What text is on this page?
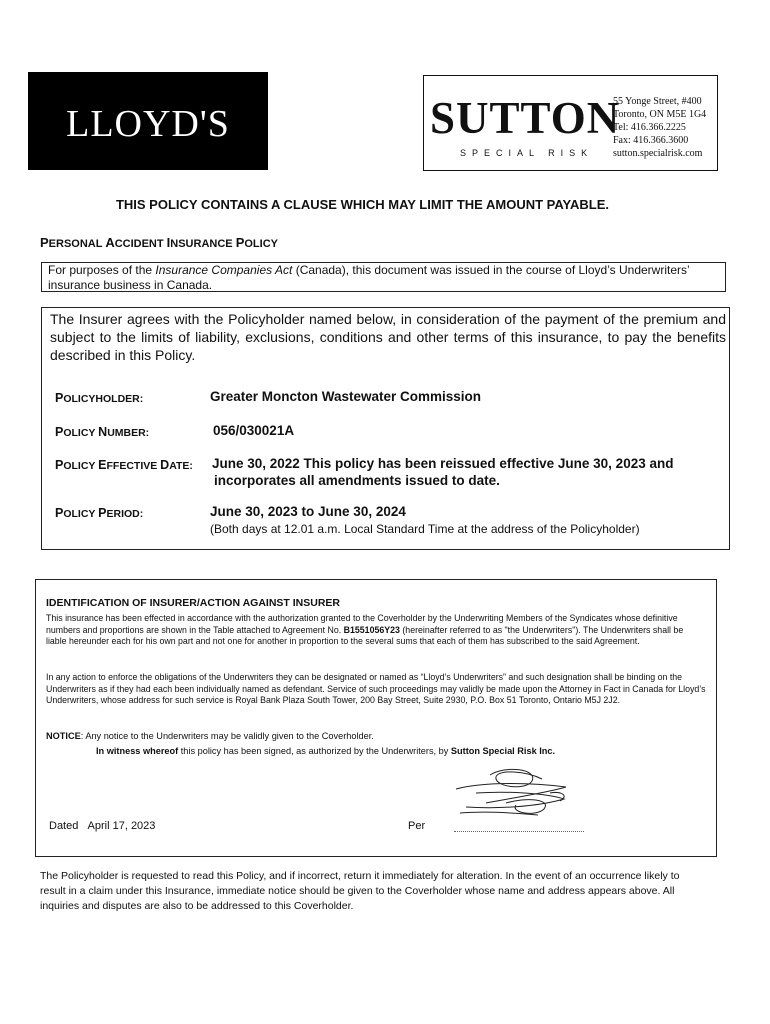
LLOYD'S	SUTTON
SPECIAL RISK
55 Yonge Street, #400
Toronto, ON M5E 1G4
Tel: 416.366.2225
Fax: 416.366.3600
sutton.specialrisk.com
THIS POLICY CONTAINS A CLAUSE WHICH MAY LIMIT THE AMOUNT PAYABLE.
PERSONAL ACCIDENT INSURANCE POLICY
For purposes of the Insurance Companies Act (Canada), this document was issued in the course of Lloyd’s Underwriters’ insurance business in Canada.
The Insurer agrees with the Policyholder named below, in consideration of the payment of the premium and subject to the limits of liability, exclusions, conditions and other terms of this insurance, to pay the benefits described in this Policy.
POLICYHOLDER:	Greater Moncton Wastewater Commission
POLICY NUMBER:	056/030021A
POLICY EFFECTIVE DATE: June 30, 2022 This policy has been reissued effective June 30, 2023 and
incorporates all amendments issued to date.
POLICY PERIOD:	June 30, 2023 to June 30, 2024
(Both days at 12.01 a.m. Local Standard Time at the address of the Policyholder)
IDENTIFICATION OF INSURER/ACTION AGAINST INSURER
This insurance has been effected in accordance with the authorization granted to the Coverholder by the Underwriting Members of the Syndicates whose definitive numbers and proportions are shown in the Table attached to Agreement No. B1551056Y23 (hereinafter referred to as "the Underwriters"). The Underwriters shall be liable hereunder each for his own part and not one for another in proportion to the several sums that each of them has subscribed to the said Agreement.
In any action to enforce the obligations of the Underwriters they can be designated or named as “Lloyd’s Underwriters” and such designation shall be binding on the Underwriters as if they had each been individually named as defendant. Service of such proceedings may validly be made upon the Attorney in Fact in Canada for Lloyd’s Underwriters, whose address for such service is Royal Bank Plaza South Tower, 200 Bay Street, Suite 2930, P.O. Box 51 Toronto, Ontario M5J 2J2.
NOTICE: Any notice to the Underwriters may be validly given to the Coverholder.
In witness whereof this policy has been signed, as authorized by the Underwriters, by Sutton Special Risk Inc.
Dated April 17, 2023	Per
The Policyholder is requested to read this Policy, and if incorrect, return it immediately for alteration. In the event of an occurrence likely to result in a claim under this Insurance, immediate notice should be given to the Coverholder whose name and address appears above. All inquiries and disputes are also to be addressed to this Coverholder.
